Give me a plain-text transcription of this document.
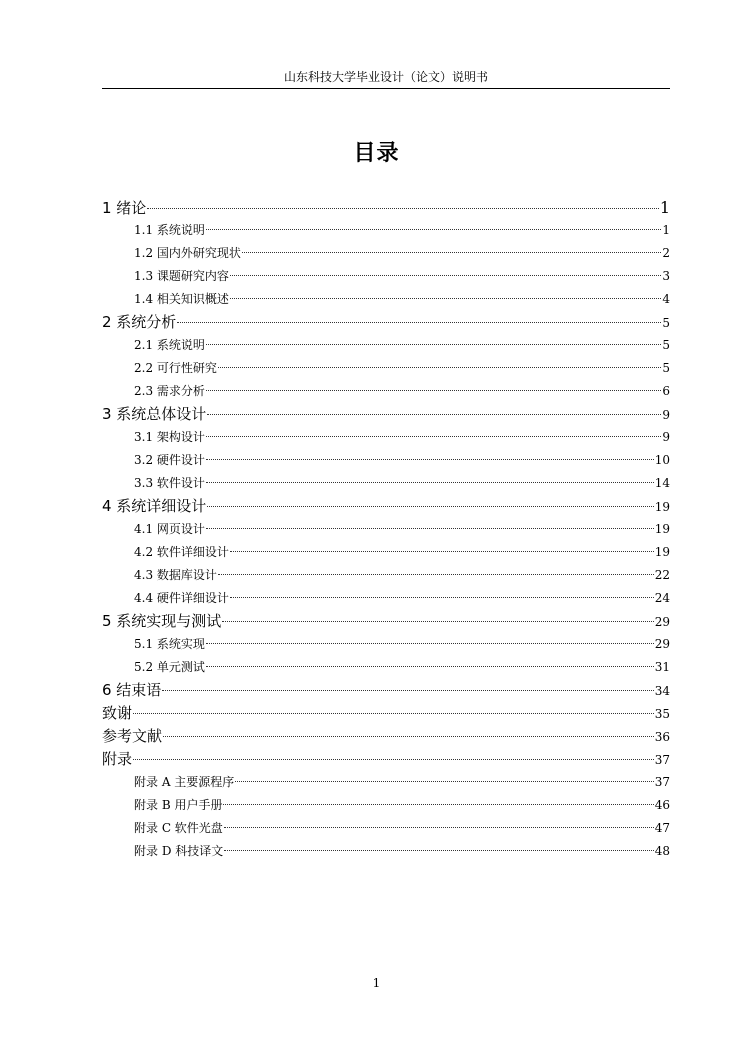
山东科技大学毕业设计（论文）说明书
目录
1 绪论	1
1.1 系统说明	1
1.2 国内外研究现状	2
1.3 课题研究内容	3
1.4 相关知识概述	4
2 系统分析	5
2.1 系统说明	5
2.2 可行性研究	5
2.3 需求分析	6
3 系统总体设计	9
3.1 架构设计	9
3.2 硬件设计	10
3.3 软件设计	14
4 系统详细设计	19
4.1 网页设计	19
4.2 软件详细设计	19
4.3 数据库设计	22
4.4 硬件详细设计	24
5 系统实现与测试	29
5.1 系统实现	29
5.2 单元测试	31
6 结束语	34
致谢	35
参考文献	36
附录	37
附录 A 主要源程序	37
附录 B 用户手册	46
附录 C 软件光盘	47
附录 D 科技译文	48
1
